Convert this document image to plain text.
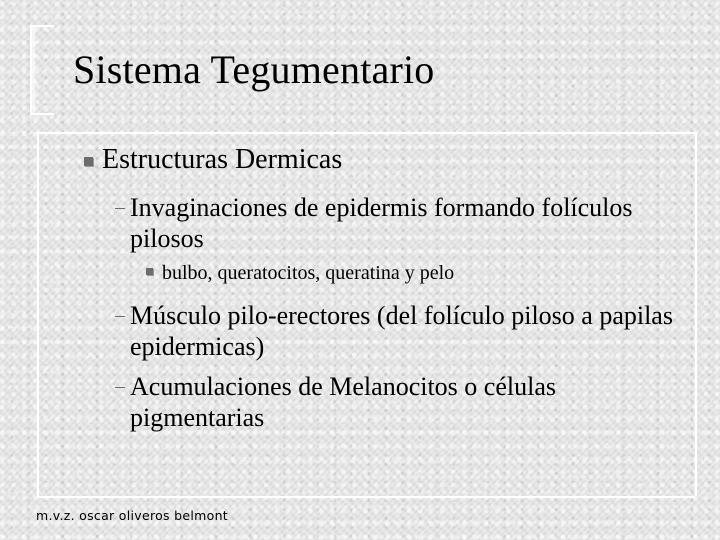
Sistema Tegumentario

Estructuras Dermicas

Invaginaciones de epidermis formando folículos pilosos

bulbo, queratocitos, queratina y pelo

Músculo pilo-erectores (del folículo piloso a papilas epidermicas)

Acumulaciones de Melanocitos o células pigmentarias

m.v.z. oscar oliveros belmont
